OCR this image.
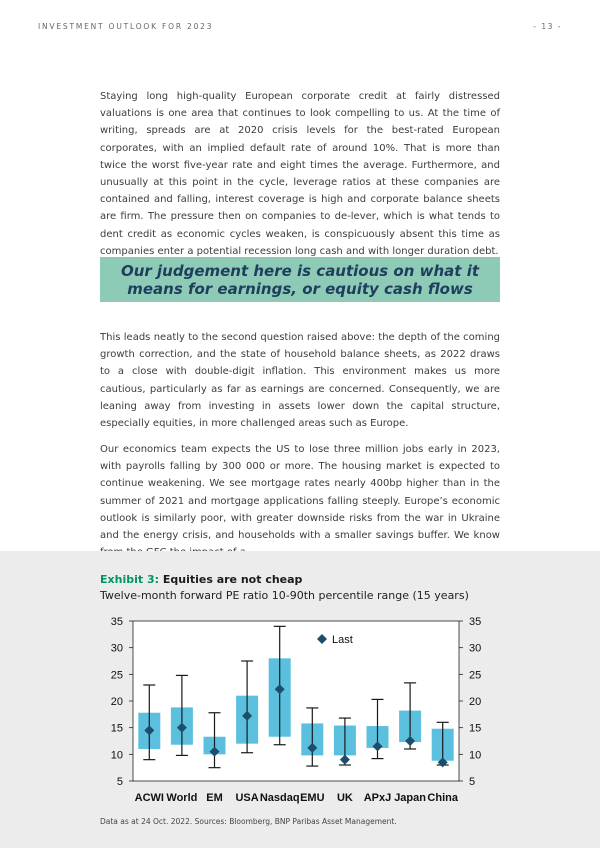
INVESTMENT OUTLOOK FOR 2023	- 13 -

Staying long high-quality European corporate credit at fairly distressed valuations is one area that continues to look compelling to us. At the time of writing, spreads are at 2020 crisis levels for the best-rated European corporates, with an implied default rate of around 10%. That is more than twice the worst five-year rate and eight times the average. Furthermore, and unusually at this point in the cycle, leverage ratios at these companies are contained and falling, interest coverage is high and corporate balance sheets are firm. The pressure then on companies to de-lever, which is what tends to dent credit as economic cycles weaken, is conspicuously absent this time as companies enter a potential recession long cash and with longer duration debt.

Our judgement here is cautious on what it means for earnings, or equity cash flows

This leads neatly to the second question raised above: the depth of the coming growth correction, and the state of household balance sheets, as 2022 draws to a close with double-digit inflation. This environment makes us more cautious, particularly as far as earnings are concerned. Consequently, we are leaning away from investing in assets lower down the capital structure, especially equities, in more challenged areas such as Europe.

Our economics team expects the US to lose three million jobs early in 2023, with payrolls falling by 300 000 or more. The housing market is expected to continue weakening. We see mortgage rates nearly 400bp higher than in the summer of 2021 and mortgage applications falling steeply. Europe’s economic outlook is similarly poor, with greater downside risks from the war in Ukraine and the energy crisis, and households with a smaller savings buffer. We know

Exhibit 3: Equities are not cheap
Twelve-month forward PE ratio 10-90th percentile range (15 years)
5	5
10	10
15	15
20	20
25	25
30	30
35	35
ACWI World EM USA Nasdaq EMU UK APxJ Japan China
Last
Data as at 24 Oct. 2022. Sources: Bloomberg, BNP Paribas Asset Management.
